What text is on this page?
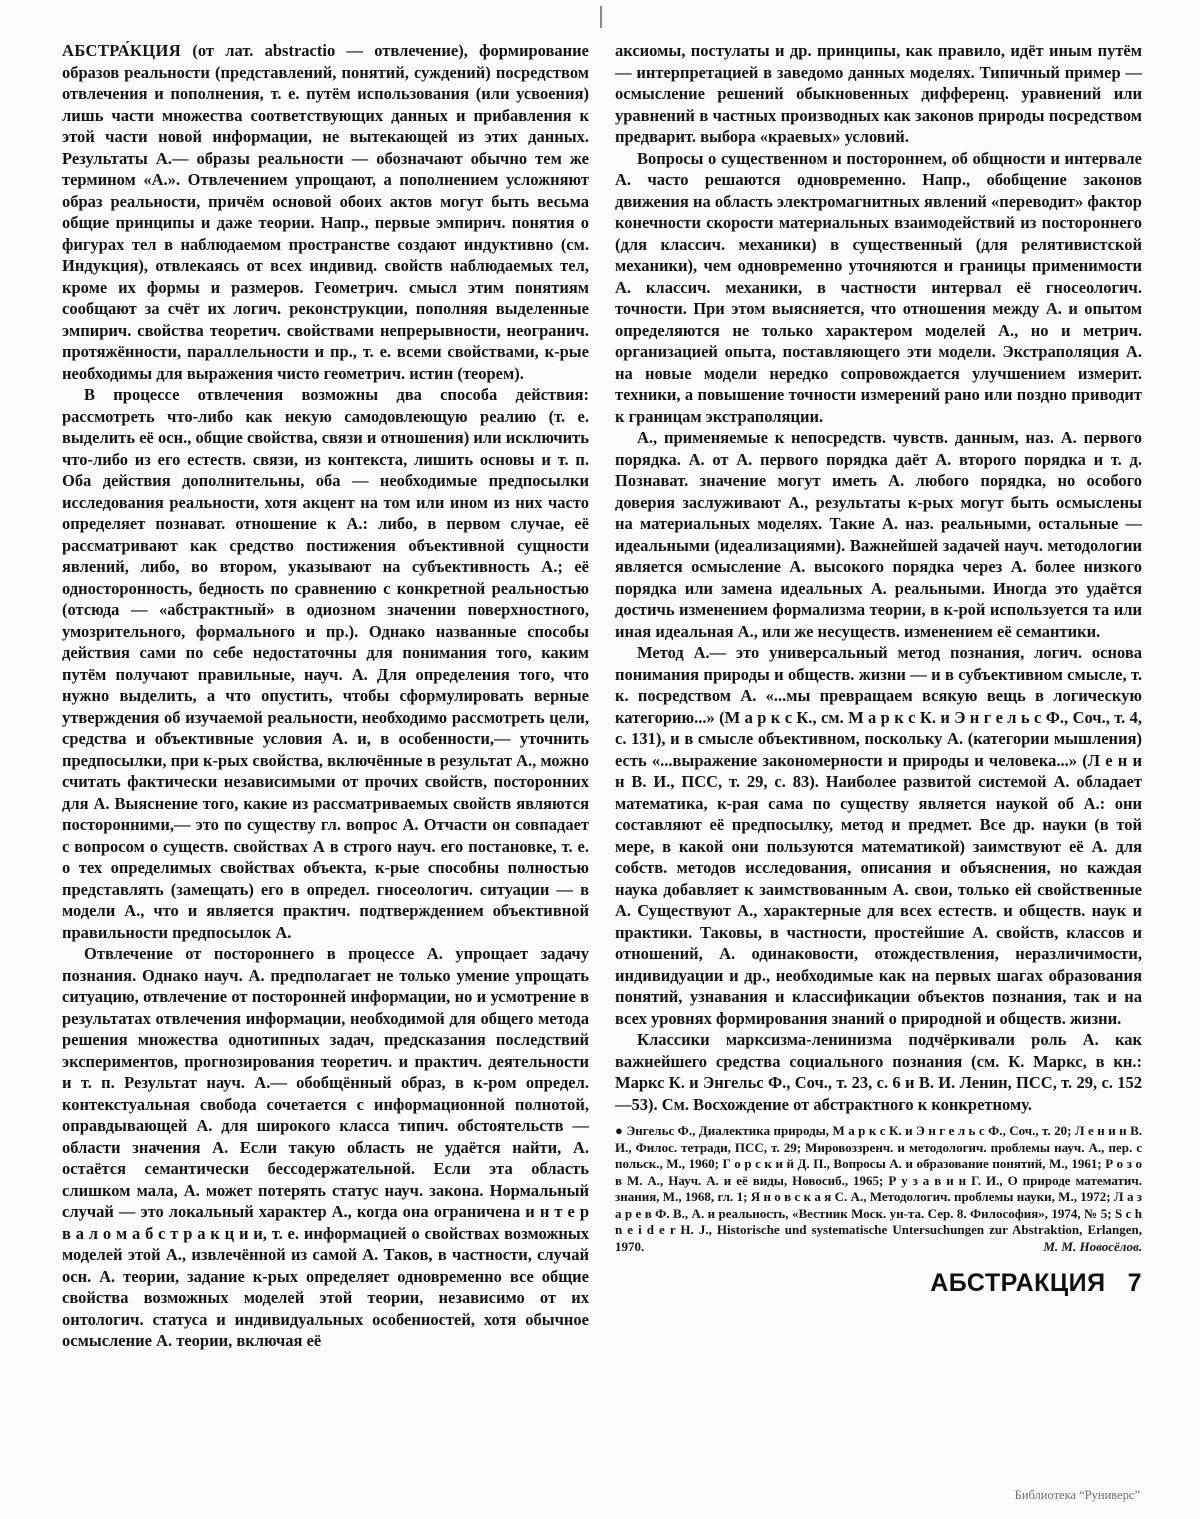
АБСТРА́КЦИЯ (от лат. abstractio — отвлечение), формирование образов реальности (представлений, понятий, суждений) посредством отвлечения и пополнения, т. е. путём использования (или усвоения) лишь части множества соответствующих данных и прибавления к этой части новой информации, не вытекающей из этих данных. Результаты А.— образы реальности — обозначают обычно тем же термином «А.». Отвлечением упрощают, а пополнением усложняют образ реальности, причём основой обоих актов могут быть весьма общие принципы и даже теории. Напр., первые эмпирич. понятия о фигурах тел в наблюдаемом пространстве создают индуктивно (см. Индукция), отвлекаясь от всех индивид. свойств наблюдаемых тел, кроме их формы и размеров. Геометрич. смысл этим понятиям сообщают за счёт их логич. реконструкции, пополняя выделенные эмпирич. свойства теоретич. свойствами непрерывности, неогранич. протяжённости, параллельности и пр., т. е. всеми свойствами, к-рые необходимы для выражения чисто геометрич. истин (теорем).

В процессе отвлечения возможны два способа действия: рассмотреть что-либо как некую самодовлеющую реалию (т. е. выделить её осн., общие свойства, связи и отношения) или исключить что-либо из его естеств. связи, из контекста, лишить основы и т. п. Оба действия дополнительны, оба — необходимые предпосылки исследования реальности, хотя акцент на том или ином из них часто определяет познават. отношение к А.: либо, в первом случае, её рассматривают как средство постижения объективной сущности явлений, либо, во втором, указывают на субъективность А.; её односторонность, бедность по сравнению с конкретной реальностью (отсюда — «абстрактный» в одиозном значении поверхностного, умозрительного, формального и пр.). Однако названные способы действия сами по себе недостаточны для понимания того, каким путём получают правильные, науч. А. Для определения того, что нужно выделить, а что опустить, чтобы сформулировать верные утверждения об изучаемой реальности, необходимо рассмотреть цели, средства и объективные условия А. и, в особенности,— уточнить предпосылки, при к-рых свойства, включённые в результат А., можно считать фактически независимыми от прочих свойств, посторонних для А. Выяснение того, какие из рассматриваемых свойств являются посторонними,— это по существу гл. вопрос А. Отчасти он совпадает с вопросом о существ. свойствах А в строго науч. его постановке, т. е. о тех определимых свойствах объекта, к-рые способны полностью представлять (замещать) его в определ. гносеологич. ситуации — в модели А., что и является практич. подтверждением объективной правильности предпосылок А.

Отвлечение от постороннего в процессе А. упрощает задачу познания. Однако науч. А. предполагает не только умение упрощать ситуацию, отвлечение от посторонней информации, но и усмотрение в результатах отвлечения информации, необходимой для общего метода решения множества однотипных задач, предсказания последствий экспериментов, прогнозирования теоретич. и практич. деятельности и т. п. Результат науч. А.— обобщённый образ, в к-ром определ. контекстуальная свобода сочетается с информационной полнотой, оправдывающей А. для широкого класса типич. обстоятельств — области значения А. Если такую область не удаётся найти, А. остаётся семантически бессодержательной. Если эта область слишком мала, А. может потерять статус науч. закона. Нормальный случай — это локальный характер А., когда она ограничена и н т е р в а л о м а б с т р а к ц и и, т. е. информацией о свойствах возможных моделей этой А., извлечённой из самой А. Таков, в частности, случай осн. А. теории, задание к-рых определяет одновременно все общие свойства возможных моделей этой теории, независимо от их онтологич. статуса и индивидуальных особенностей, хотя обычное осмысление А. теории, включая её

аксиомы, постулаты и др. принципы, как правило, идёт иным путём — интерпретацией в заведомо данных моделях. Типичный пример — осмысление решений обыкновенных дифференц. уравнений или уравнений в частных производных как законов природы посредством предварит. выбора «краевых» условий.

Вопросы о существенном и постороннем, об общности и интервале А. часто решаются одновременно. Напр., обобщение законов движения на область электромагнитных явлений «переводит» фактор конечности скорости материальных взаимодействий из постороннего (для классич. механики) в существенный (для релятивистской механики), чем одновременно уточняются и границы применимости А. классич. механики, в частности интервал её гносеологич. точности. При этом выясняется, что отношения между А. и опытом определяются не только характером моделей А., но и метрич. организацией опыта, поставляющего эти модели. Экстраполяция А. на новые модели нередко сопровождается улучшением измерит. техники, а повышение точности измерений рано или поздно приводит к границам экстраполяции.

А., применяемые к непосредств. чувств. данным, наз. А. первого порядка. А. от А. первого порядка даёт А. второго порядка и т. д. Познават. значение могут иметь А. любого порядка, но особого доверия заслуживают А., результаты к-рых могут быть осмыслены на материальных моделях. Такие А. наз. реальными, остальные — идеальными (идеализациями). Важнейшей задачей науч. методологии является осмысление А. высокого порядка через А. более низкого порядка или замена идеальных А. реальными. Иногда это удаётся достичь изменением формализма теории, в к-рой используется та или иная идеальная А., или же несуществ. изменением её семантики.

Метод А.— это универсальный метод познания, логич. основа понимания природы и обществ. жизни — и в субъективном смысле, т. к. посредством А. «...мы превращаем всякую вещь в логическую категорию...» (М а р к с К., см. М а р к с К. и Э н г е л ь с Ф., Соч., т. 4, с. 131), и в смысле объективном, поскольку А. (категории мышления) есть «...выражение закономерности и природы и человека...» (Л е н и н В. И., ПСС, т. 29, с. 83). Наиболее развитой системой А. обладает математика, к-рая сама по существу является наукой об А.: они составляют её предпосылку, метод и предмет. Все др. науки (в той мере, в какой они пользуются математикой) заимствуют её А. для собств. методов исследования, описания и объяснения, но каждая наука добавляет к заимствованным А. свои, только ей свойственные А. Существуют А., характерные для всех естеств. и обществ. наук и практики. Таковы, в частности, простейшие А. свойств, классов и отношений, А. одинаковости, отождествления, неразличимости, индивидуации и др., необходимые как на первых шагах образования понятий, узнавания и классификации объектов познания, так и на всех уровнях формирования знаний о природной и обществ. жизни.

Классики марксизма-ленинизма подчёркивали роль А. как важнейшего средства социального познания (см. К. Маркс, в кн.: Маркс К. и Энгельс Ф., Соч., т. 23, с. 6 и В. И. Ленин, ПСС, т. 29, с. 152—53). См. Восхождение от абстрактного к конкретному.

● Энгельс Ф., Диалектика природы, М а р к с К. и Э н г е л ь с Ф., Соч., т. 20; Л е н и н В. И., Филос. тетради, ПСС, т. 29; Мировоззренч. и методологич. проблемы науч. А., пер. с польск., М., 1960; Г о р с к и й Д. П., Вопросы А. и образование понятий, М., 1961; Р о з о в М. А., Науч. А. и её виды, Новосиб., 1965; Р у з а в и н Г. И., О природе математич. знания, М., 1968, гл. 1; Я н о в с к а я С. А., Методологич. проблемы науки, М., 1972; Л а з а р е в Ф. В., А. и реальность, «Вестник Моск. ун-та. Сер. 8. Философия», 1974, № 5; S c h n e i d e r H. J., Historische und systematische Untersuchungen zur Abstraktion, Erlangen, 1970.	М. М. Новосёлов.

АБСТРАКЦИЯ 7
Библиотека “Руниверс”
